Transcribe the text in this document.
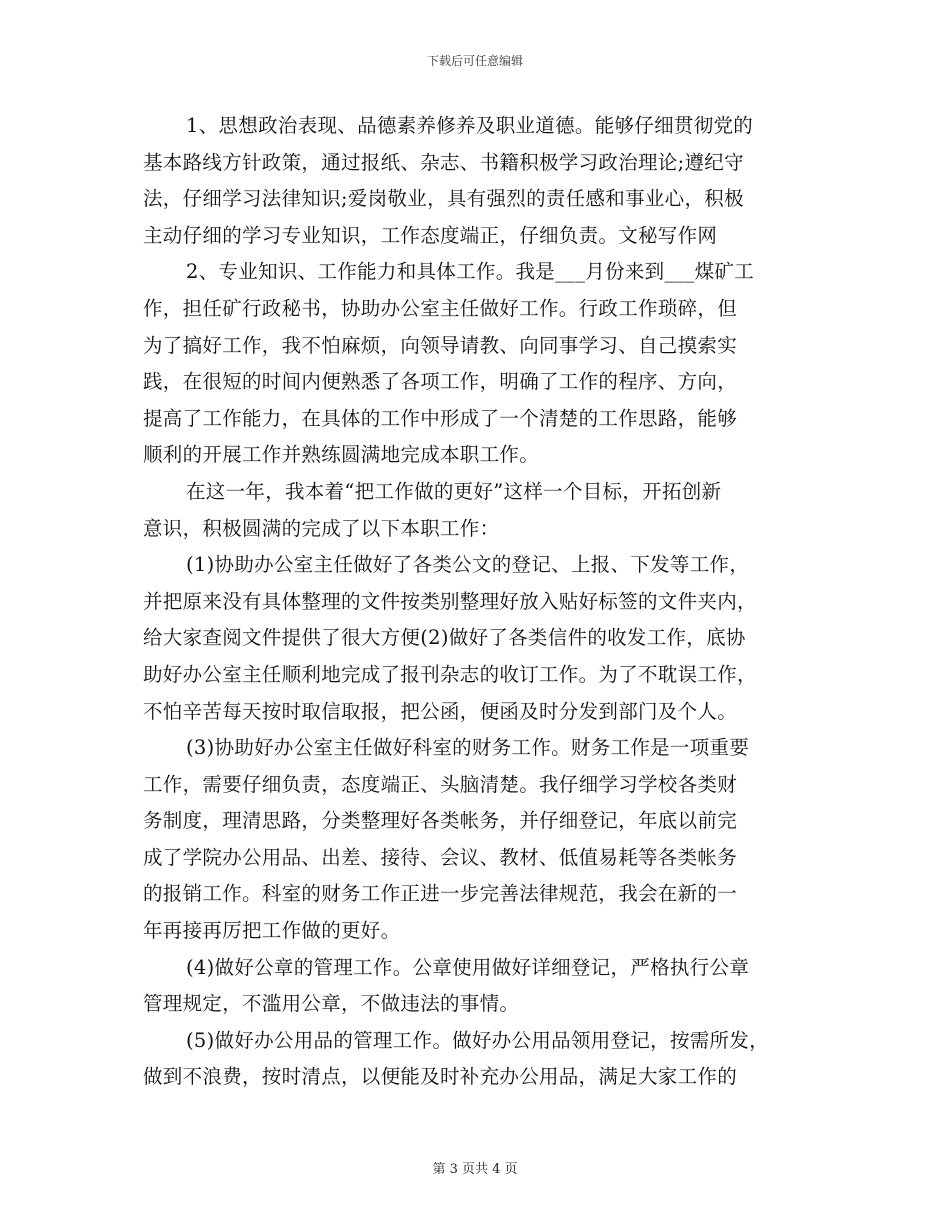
下载后可任意编辑
1、思想政治表现、品德素养修养及职业道德。能够仔细贯彻党的
基本路线方针政策，通过报纸、杂志、书籍积极学习政治理论;遵纪守
法，仔细学习法律知识;爱岗敬业，具有强烈的责任感和事业心，积极
主动仔细的学习专业知识，工作态度端正，仔细负责。文秘写作网
2、专业知识、工作能力和具体工作。我是___月份来到___煤矿工
作，担任矿行政秘书，协助办公室主任做好工作。行政工作琐碎，但
为了搞好工作，我不怕麻烦，向领导请教、向同事学习、自己摸索实
践，在很短的时间内便熟悉了各项工作，明确了工作的程序、方向，
提高了工作能力，在具体的工作中形成了一个清楚的工作思路，能够
顺利的开展工作并熟练圆满地完成本职工作。
在这一年，我本着“把工作做的更好”这样一个目标，开拓创新
意识，积极圆满的完成了以下本职工作：
(1)协助办公室主任做好了各类公文的登记、上报、下发等工作，
并把原来没有具体整理的文件按类别整理好放入贴好标签的文件夹内，
给大家查阅文件提供了很大方便(2)做好了各类信件的收发工作，底协
助好办公室主任顺利地完成了报刊杂志的收订工作。为了不耽误工作，
不怕辛苦每天按时取信取报，把公函，便函及时分发到部门及个人。
(3)协助好办公室主任做好科室的财务工作。财务工作是一项重要
工作，需要仔细负责，态度端正、头脑清楚。我仔细学习学校各类财
务制度，理清思路，分类整理好各类帐务，并仔细登记，年底以前完
成了学院办公用品、出差、接待、会议、教材、低值易耗等各类帐务
的报销工作。科室的财务工作正进一步完善法律规范，我会在新的一
年再接再厉把工作做的更好。
(4)做好公章的管理工作。公章使用做好详细登记，严格执行公章
管理规定，不滥用公章，不做违法的事情。
(5)做好办公用品的管理工作。做好办公用品领用登记，按需所发，
做到不浪费，按时清点，以便能及时补充办公用品，满足大家工作的
第 3 页共 4 页
